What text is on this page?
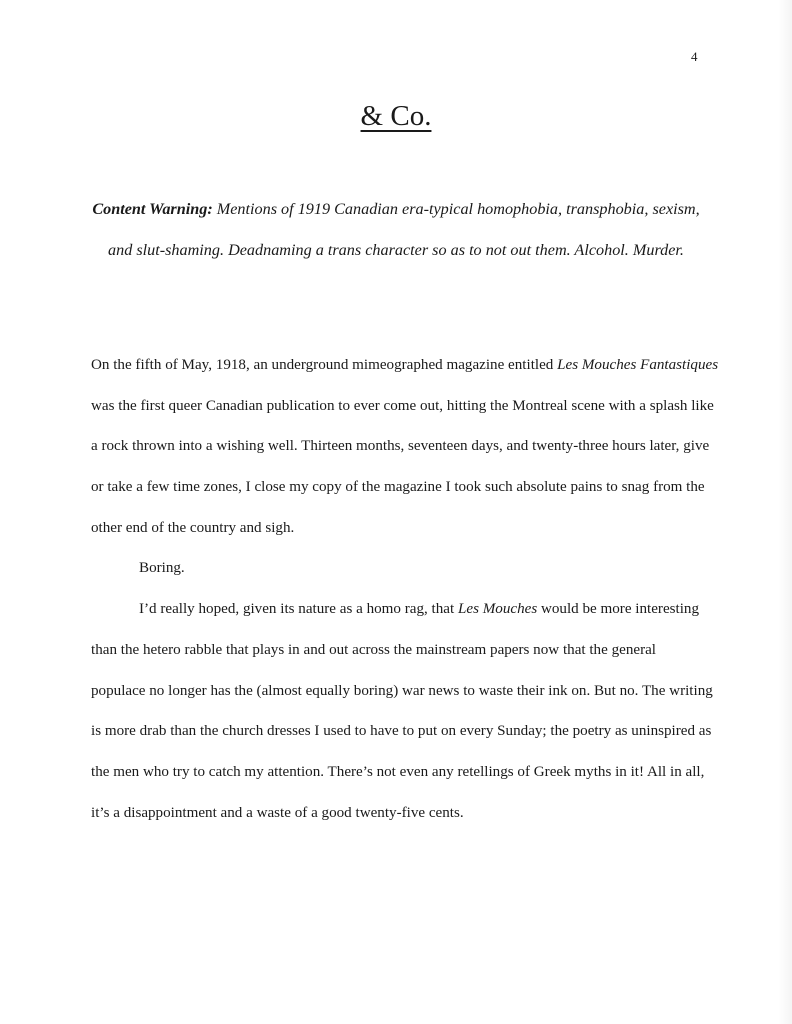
4
& Co.
Content Warning: Mentions of 1919 Canadian era-typical homophobia, transphobia, sexism,
and slut-shaming. Deadnaming a trans character so as to not out them. Alcohol. Murder.
On the fifth of May, 1918, an underground mimeographed magazine entitled Les Mouches Fantastiques
was the first queer Canadian publication to ever come out, hitting the Montreal scene with a splash like
a rock thrown into a wishing well. Thirteen months, seventeen days, and twenty-three hours later, give
or take a few time zones, I close my copy of the magazine I took such absolute pains to snag from the
other end of the country and sigh.
Boring.
I’d really hoped, given its nature as a homo rag, that Les Mouches would be more interesting
than the hetero rabble that plays in and out across the mainstream papers now that the general
populace no longer has the (almost equally boring) war news to waste their ink on. But no. The writing
is more drab than the church dresses I used to have to put on every Sunday; the poetry as uninspired as
the men who try to catch my attention. There’s not even any retellings of Greek myths in it! All in all,
it’s a disappointment and a waste of a good twenty-five cents.
